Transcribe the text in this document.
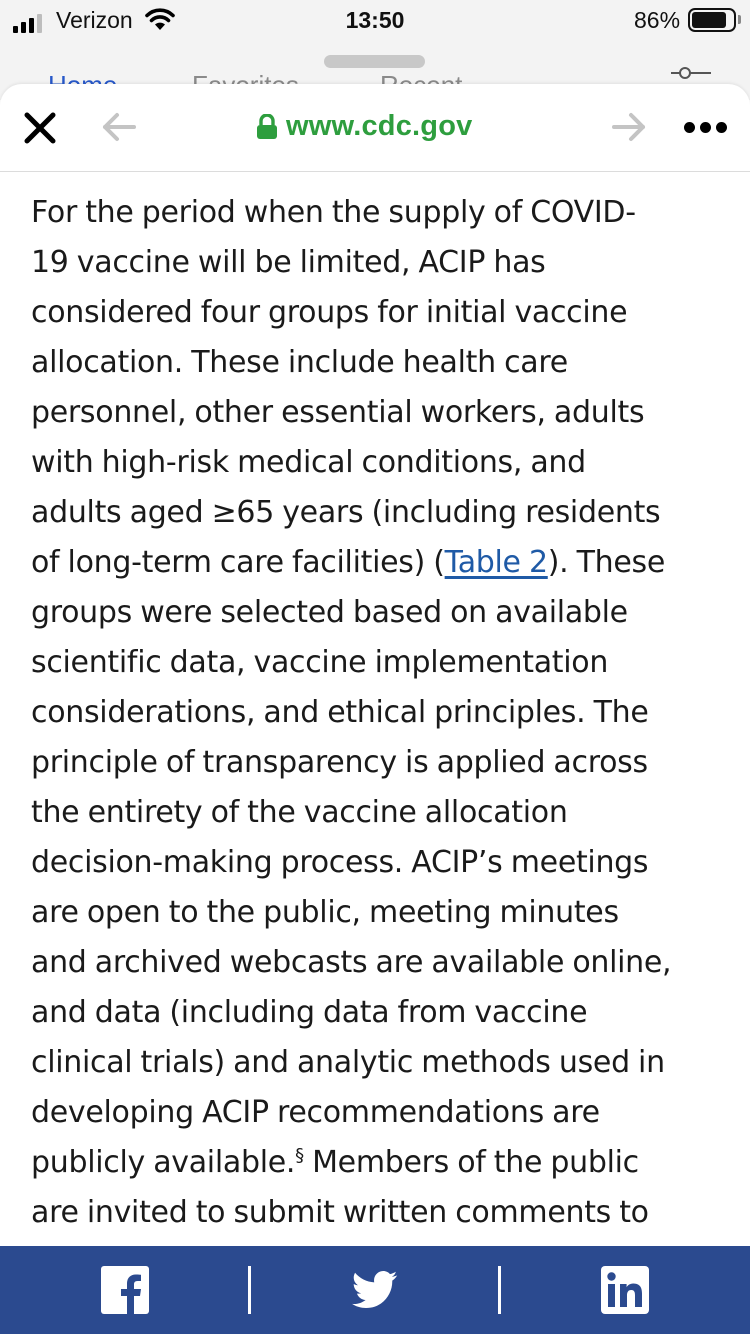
Verizon	13:50	86%
www.cdc.gov
For the period when the supply of COVID-
19 vaccine will be limited, ACIP has
considered four groups for initial vaccine
allocation. These include health care
personnel, other essential workers, adults
with high-risk medical conditions, and
adults aged ≥65 years (including residents
of long-term care facilities) (Table 2). These
groups were selected based on available
scientific data, vaccine implementation
considerations, and ethical principles. The
principle of transparency is applied across
the entirety of the vaccine allocation
decision-making process. ACIP’s meetings
are open to the public, meeting minutes
and archived webcasts are available online,
and data (including data from vaccine
clinical trials) and analytic methods used in
developing ACIP recommendations are
publicly available.§ Members of the public
are invited to submit written comments to
